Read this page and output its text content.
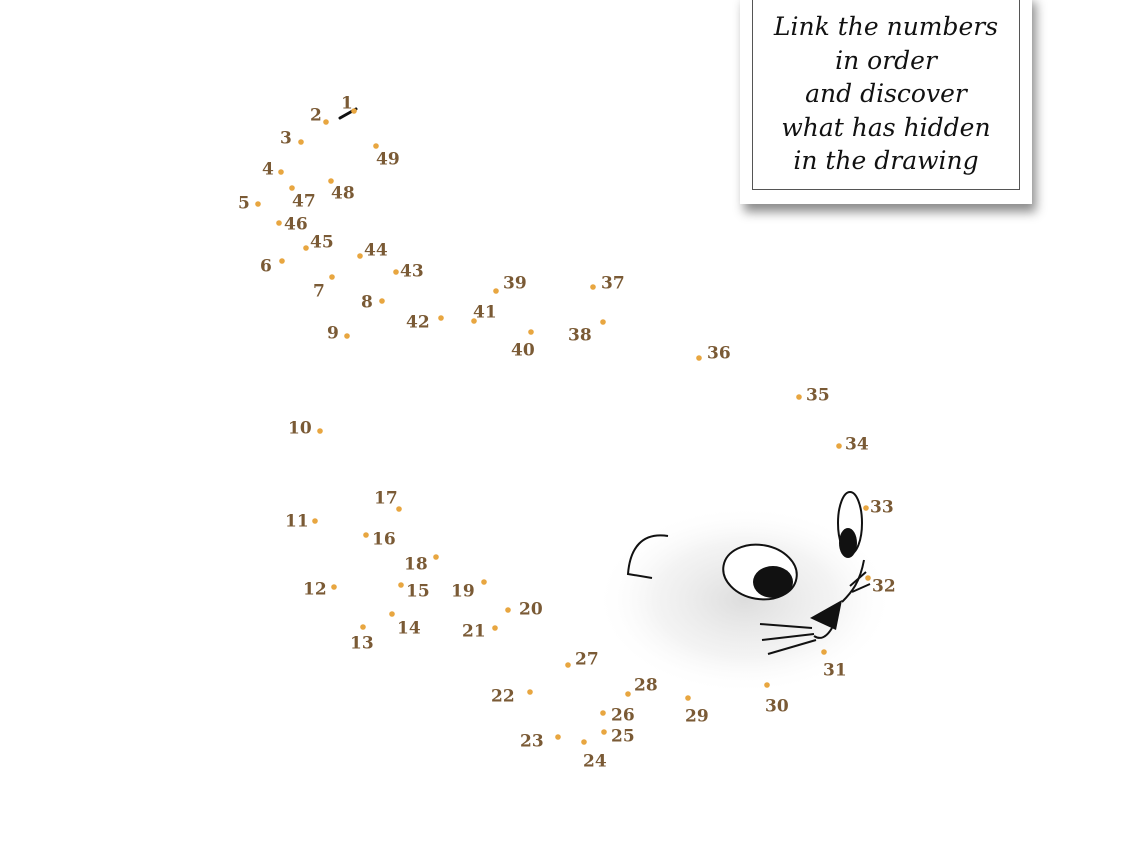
1
2
3
4
5
6
7
8
9
10
11
12
13
14
15
16
17
18
19
20
21
22
23
24
25
26
27
28
29	30
31
32
33
34
35
36
37
38
39
40
41
42
43
44
45
46
47 48
49
Link the numbers
in order
and discover
what has hidden
in the drawing
